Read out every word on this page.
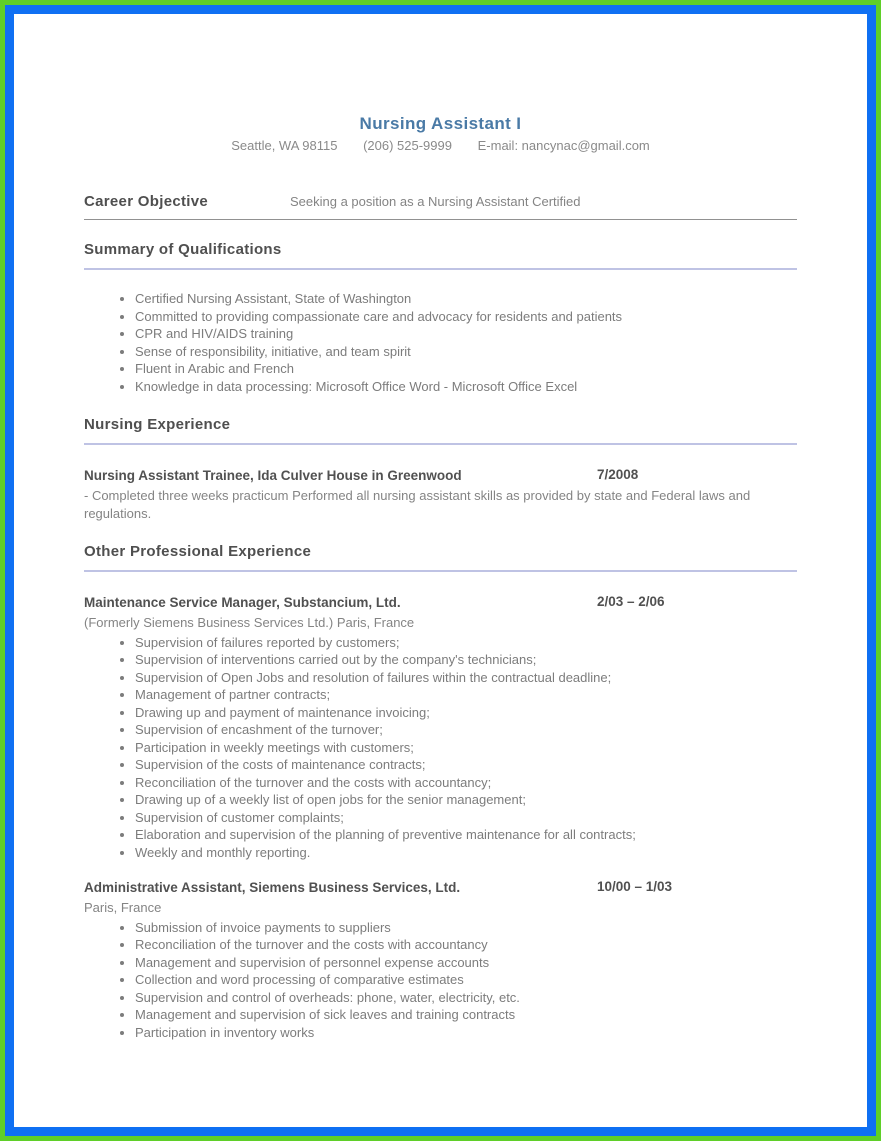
Nursing Assistant I
Seattle, WA 98115 (206) 525-9999 E-mail: nancynac@gmail.com
Career Objective	Seeking a position as a Nursing Assistant Certified
Summary of Qualifications
• Certified Nursing Assistant, State of Washington
• Committed to providing compassionate care and advocacy for residents and patients
• CPR and HIV/AIDS training
• Sense of responsibility, initiative, and team spirit
• Fluent in Arabic and French
• Knowledge in data processing: Microsoft Office Word - Microsoft Office Excel
Nursing Experience
Nursing Assistant Trainee, Ida Culver House in Greenwood	7/2008
- Completed three weeks practicum Performed all nursing assistant skills as provided by state and Federal laws and regulations.
Other Professional Experience
Maintenance Service Manager, Substancium, Ltd.	2/03 – 2/06
(Formerly Siemens Business Services Ltd.) Paris, France
• Supervision of failures reported by customers;
• Supervision of interventions carried out by the company's technicians;
• Supervision of Open Jobs and resolution of failures within the contractual deadline;
• Management of partner contracts;
• Drawing up and payment of maintenance invoicing;
• Supervision of encashment of the turnover;
• Participation in weekly meetings with customers;
• Supervision of the costs of maintenance contracts;
• Reconciliation of the turnover and the costs with accountancy;
• Drawing up of a weekly list of open jobs for the senior management;
• Supervision of customer complaints;
• Elaboration and supervision of the planning of preventive maintenance for all contracts;
• Weekly and monthly reporting.
Administrative Assistant, Siemens Business Services, Ltd.	10/00 – 1/03
Paris, France
• Submission of invoice payments to suppliers
• Reconciliation of the turnover and the costs with accountancy
• Management and supervision of personnel expense accounts
• Collection and word processing of comparative estimates
• Supervision and control of overheads: phone, water, electricity, etc.
• Management and supervision of sick leaves and training contracts
• Participation in inventory works
